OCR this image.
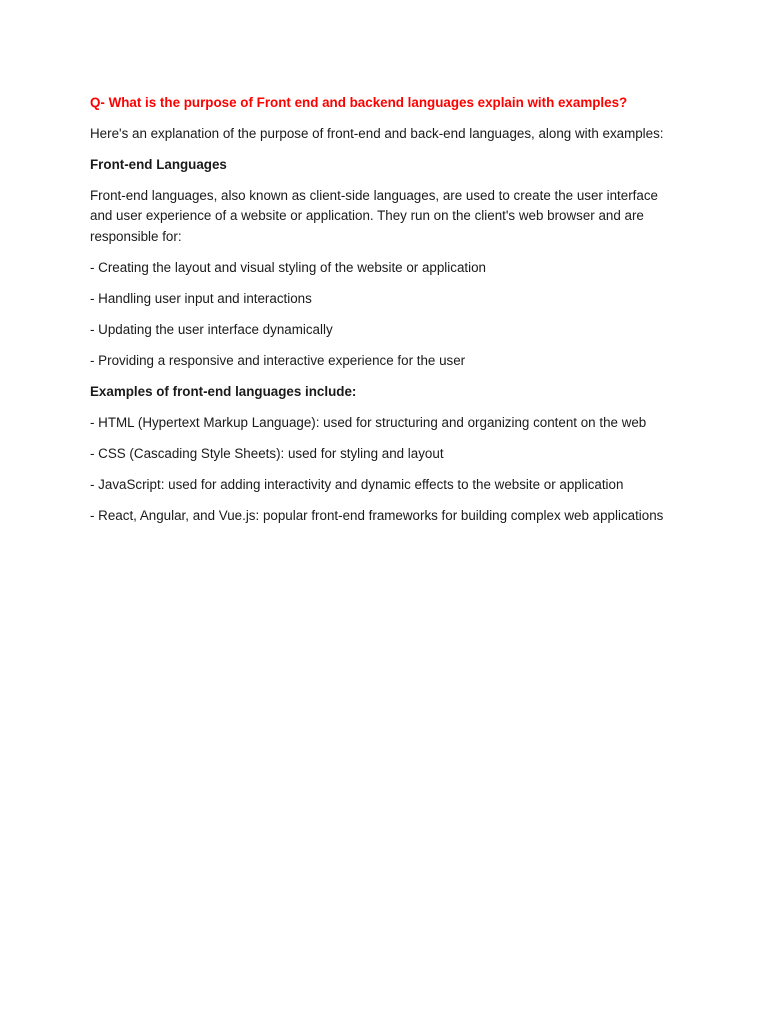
Q- What is the purpose of Front end and backend languages explain with examples?

Here's an explanation of the purpose of front-end and back-end languages, along with examples:

Front-end Languages

Front-end languages, also known as client-side languages, are used to create the user interface and user experience of a website or application. They run on the client's web browser and are responsible for:

- Creating the layout and visual styling of the website or application

- Handling user input and interactions

- Updating the user interface dynamically

- Providing a responsive and interactive experience for the user

Examples of front-end languages include:

- HTML (Hypertext Markup Language): used for structuring and organizing content on the web

- CSS (Cascading Style Sheets): used for styling and layout

- JavaScript: used for adding interactivity and dynamic effects to the website or application

- React, Angular, and Vue.js: popular front-end frameworks for building complex web applications
